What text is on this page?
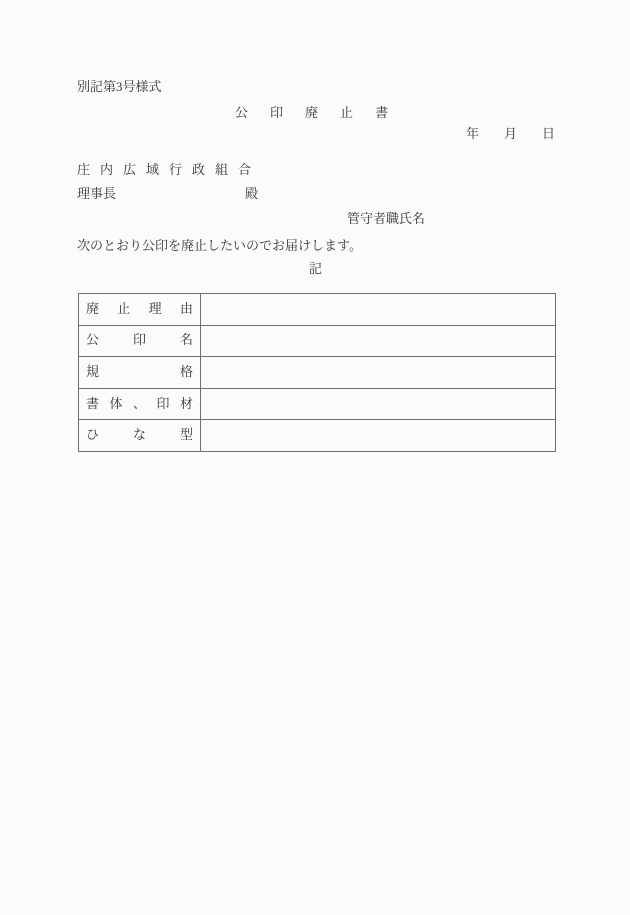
別記第3号様式
公印廃止書
年月日
庄内広域行政組合
理事長	殿
管守者職氏名
次のとおり公印を廃止したいのでお届けします。
記
廃止理由	
公印名	
規格	
書体、印材	
ひな型	
